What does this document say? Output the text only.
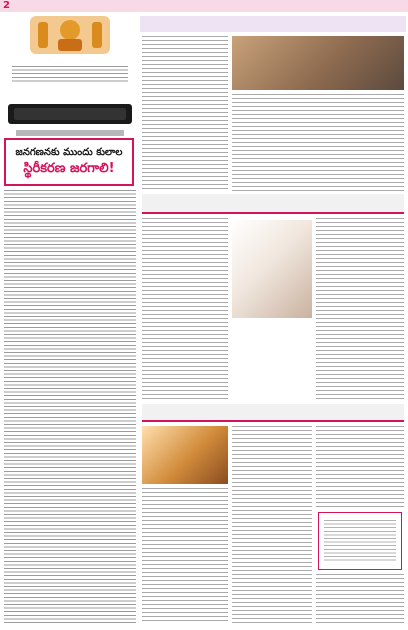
2
జనగణనకు ముందు కులాల
స్థిరీకరణ జరగాలి!
